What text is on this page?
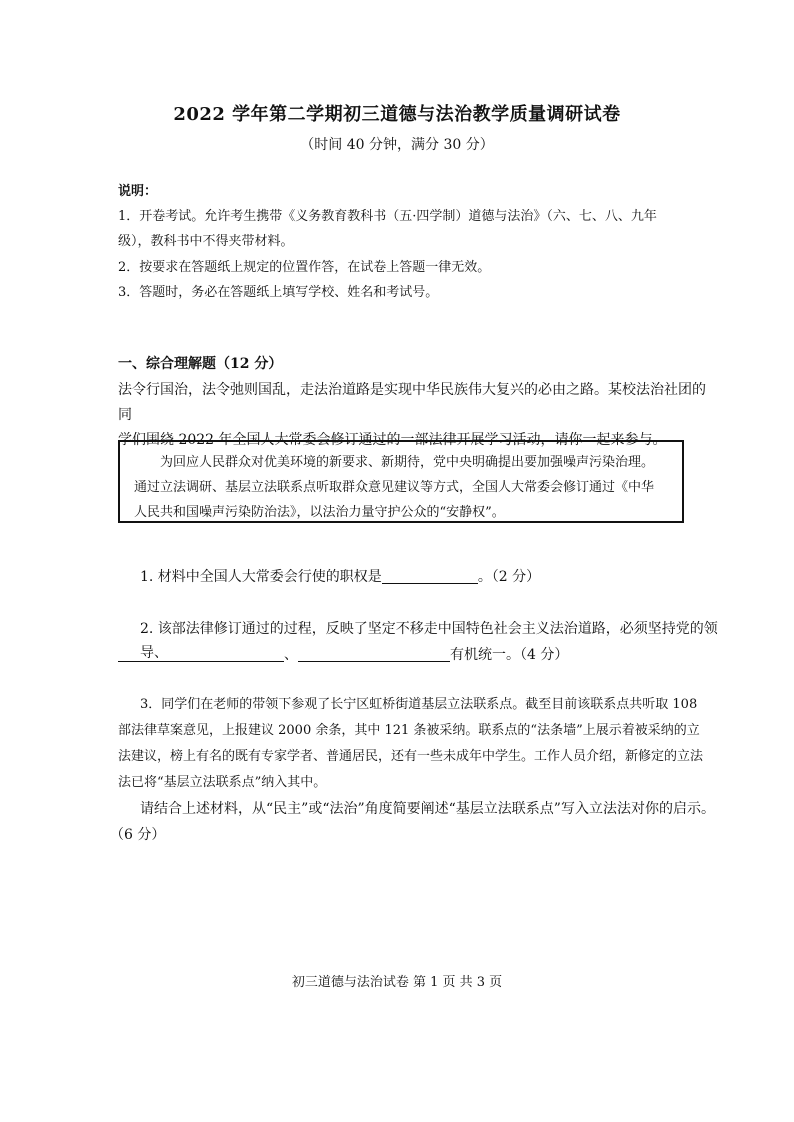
2022 学年第二学期初三道德与法治教学质量调研试卷
（时间 40 分钟，满分 30 分）
说明：
1．开卷考试。允许考生携带《义务教育教科书（五·四学制）道德与法治》（六、七、八、九年
级），教科书中不得夹带材料。
2．按要求在答题纸上规定的位置作答，在试卷上答题一律无效。
3．答题时，务必在答题纸上填写学校、姓名和考试号。
一、综合理解题（12 分）
法令行国治，法令弛则国乱，走法治道路是实现中华民族伟大复兴的必由之路。某校法治社团的同
学们围绕 2022 年全国人大常委会修订通过的一部法律开展学习活动，请你一起来参与。
为回应人民群众对优美环境的新要求、新期待，党中央明确提出要加强噪声污染治理。
通过立法调研、基层立法联系点听取群众意见建议等方式，全国人大常委会修订通过《中华
人民共和国噪声污染防治法》，以法治力量守护公众的“安静权”。
1. 材料中全国人大常委会行使的职权是	。（2 分）
2. 该部法律修订通过的过程，反映了坚定不移走中国特色社会主义法治道路，必须坚持党的领导、	、	有机统一。（4 分）
3．同学们在老师的带领下参观了长宁区虹桥街道基层立法联系点。截至目前该联系点共听取 108
部法律草案意见，上报建议 2000 余条，其中 121 条被采纳。联系点的“法条墙”上展示着被采纳的立
法建议，榜上有名的既有专家学者、普通居民，还有一些未成年中学生。工作人员介绍，新修定的立法
法已将“基层立法联系点”纳入其中。
请结合上述材料，从“民主”或“法治”角度简要阐述“基层立法联系点”写入立法法对你的启示。
（6 分）
初三道德与法治试卷 第 1 页 共 3 页
